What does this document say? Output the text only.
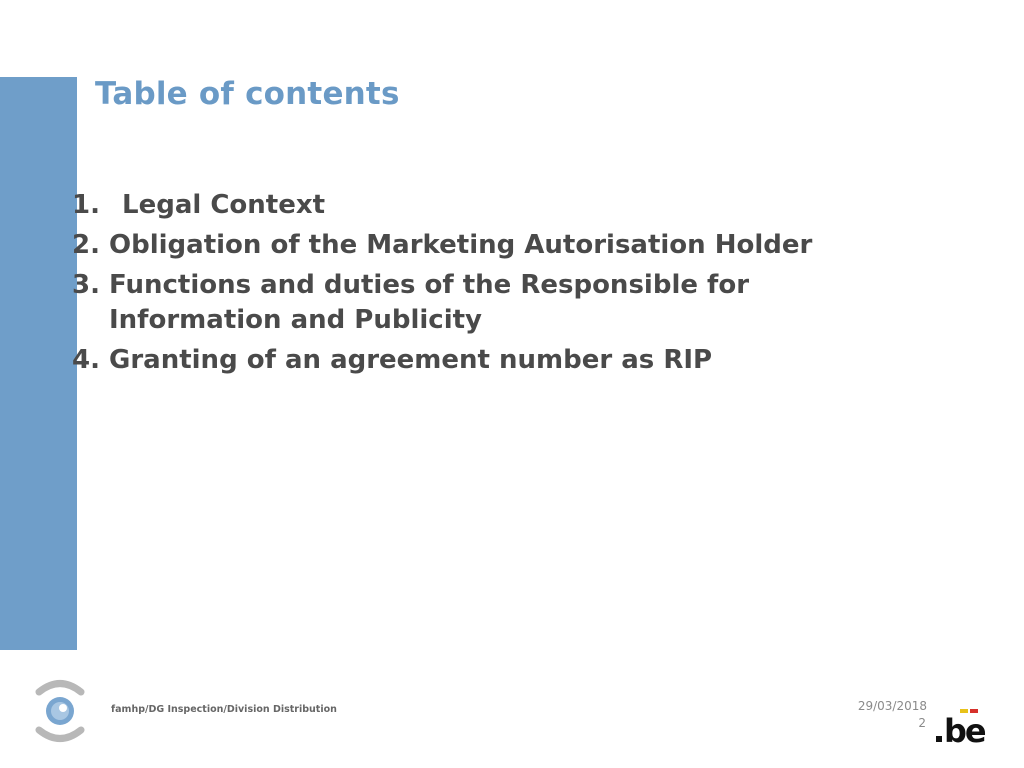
Table of contents
1. Legal Context
2. Obligation of the Marketing Autorisation Holder
3. Functions and duties of the Responsible for Information and Publicity
4. Granting of an agreement number as RIP
famhp/DG Inspection/Division Distribution	29/03/2018
2 be
